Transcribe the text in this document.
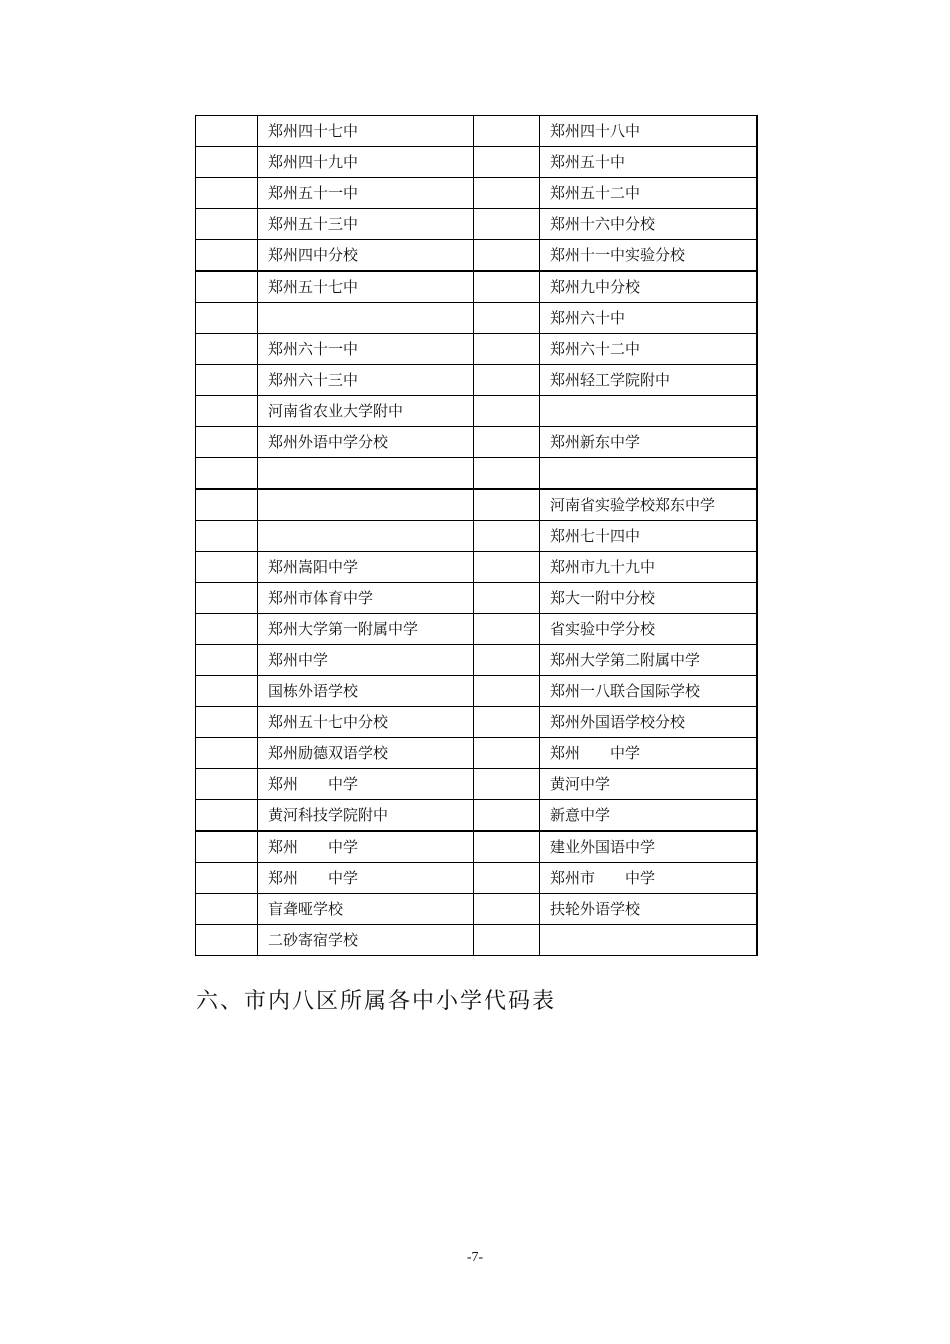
	郑州四十七中		郑州四十八中
	郑州四十九中		郑州五十中
	郑州五十一中		郑州五十二中
	郑州五十三中		郑州十六中分校
	郑州四中分校		郑州十一中实验分校
	郑州五十七中		郑州九中分校
			郑州六十中
	郑州六十一中		郑州六十二中
	郑州六十三中		郑州轻工学院附中
	河南省农业大学附中		
	郑州外语中学分校		郑州新东中学

			河南省实验学校郑东中学
			郑州七十四中
	郑州嵩阳中学		郑州市九十九中
	郑州市体育中学		郑大一附中分校
	郑州大学第一附属中学		省实验中学分校
	郑州中学		郑州大学第二附属中学
	国栋外语学校		郑州一八联合国际学校
	郑州五十七中分校		郑州外国语学校分校
	郑州励德双语学校		郑州　　中学
	郑州　　中学		黄河中学
	黄河科技学院附中		新意中学
	郑州　　中学		建业外国语中学
	郑州　　中学		郑州市　　中学
	盲聋哑学校		扶轮外语学校
	二砂寄宿学校		
六、市内八区所属各中小学代码表
-7-
